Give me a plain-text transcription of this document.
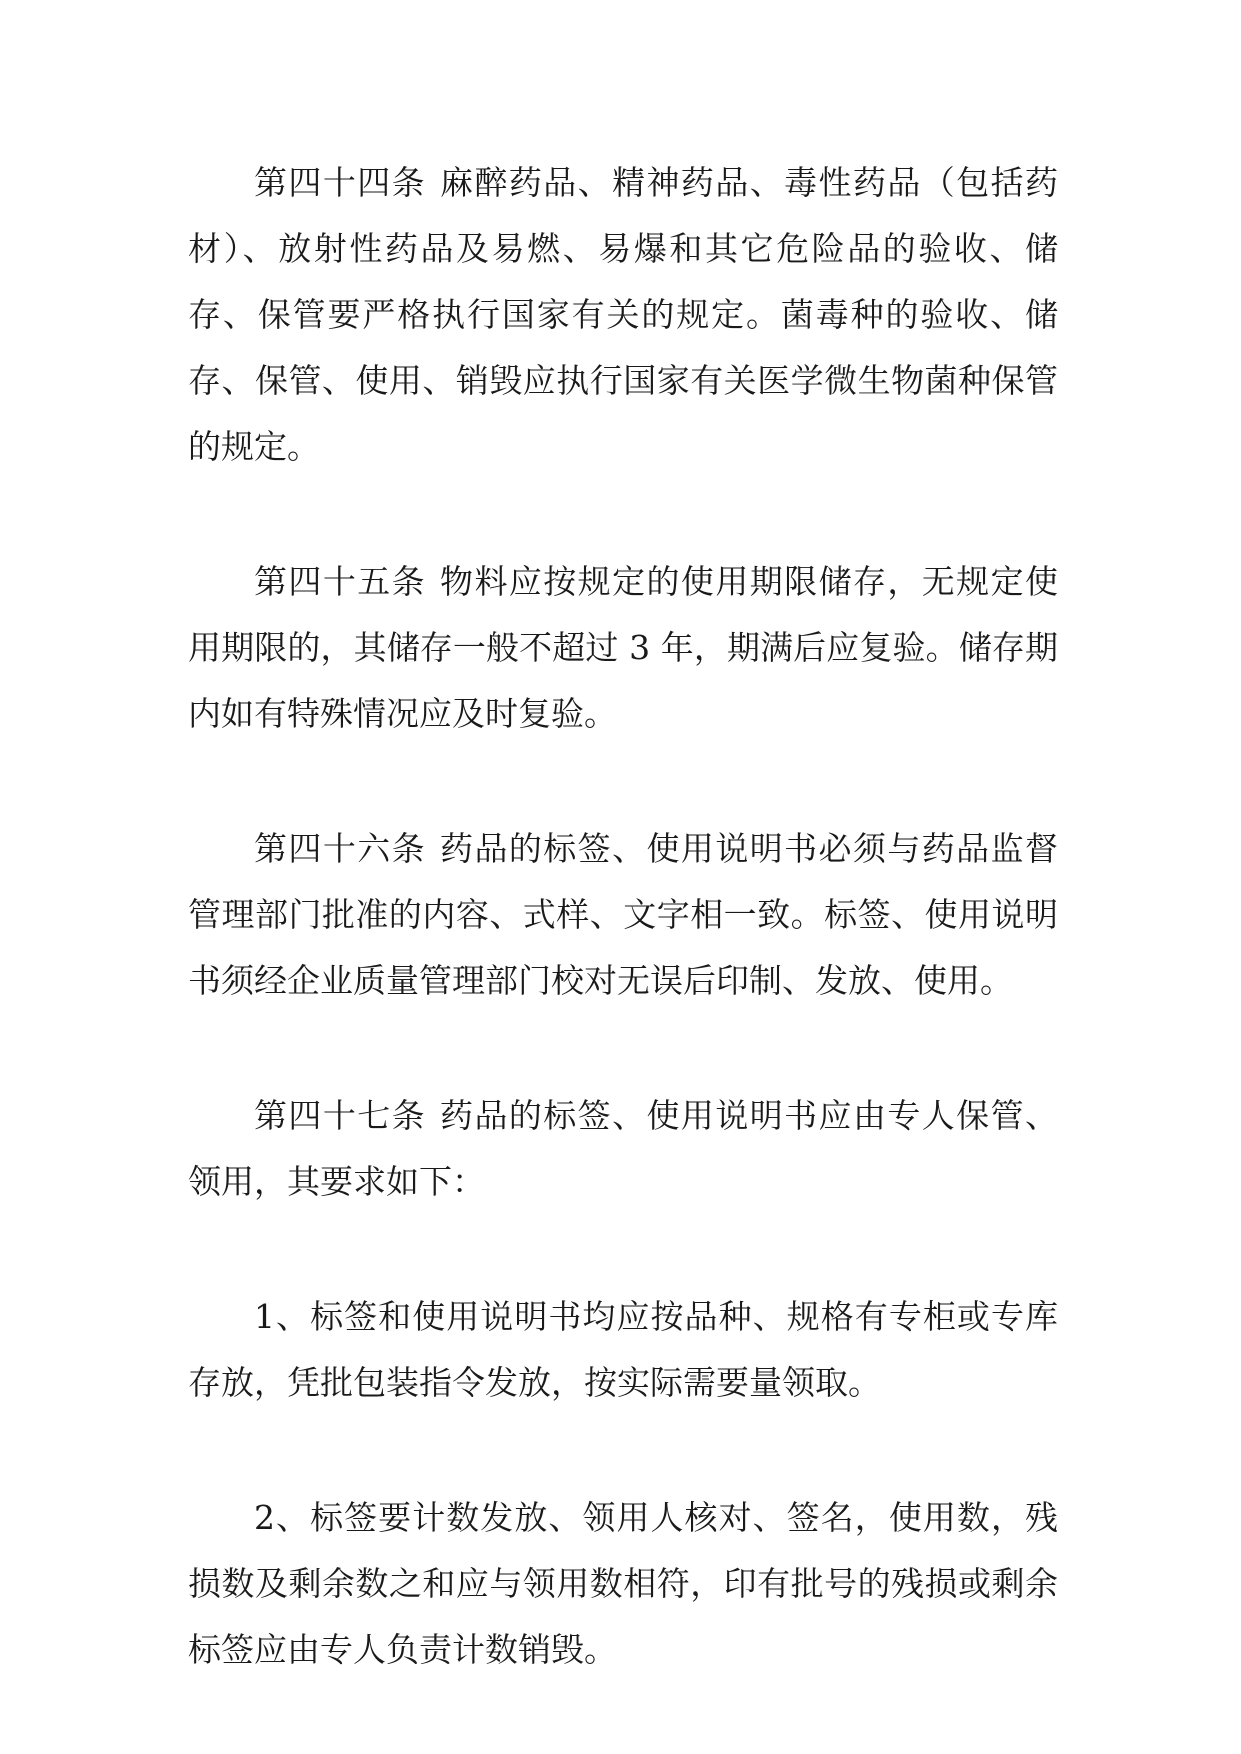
第四十四条 麻醉药品、精神药品、毒性药品（包括药材）、放射性药品及易燃、易爆和其它危险品的验收、储存、保管要严格执行国家有关的规定。菌毒种的验收、储存、保管、使用、销毁应执行国家有关医学微生物菌种保管的规定。

第四十五条 物料应按规定的使用期限储存，无规定使用期限的，其储存一般不超过 3 年，期满后应复验。储存期内如有特殊情况应及时复验。

第四十六条 药品的标签、使用说明书必须与药品监督管理部门批准的内容、式样、文字相一致。标签、使用说明书须经企业质量管理部门校对无误后印制、发放、使用。

第四十七条 药品的标签、使用说明书应由专人保管、领用，其要求如下：

1、标签和使用说明书均应按品种、规格有专柜或专库存放，凭批包装指令发放，按实际需要量领取。

2、标签要计数发放、领用人核对、签名，使用数，残损数及剩余数之和应与领用数相符，印有批号的残损或剩余标签应由专人负责计数销毁。
